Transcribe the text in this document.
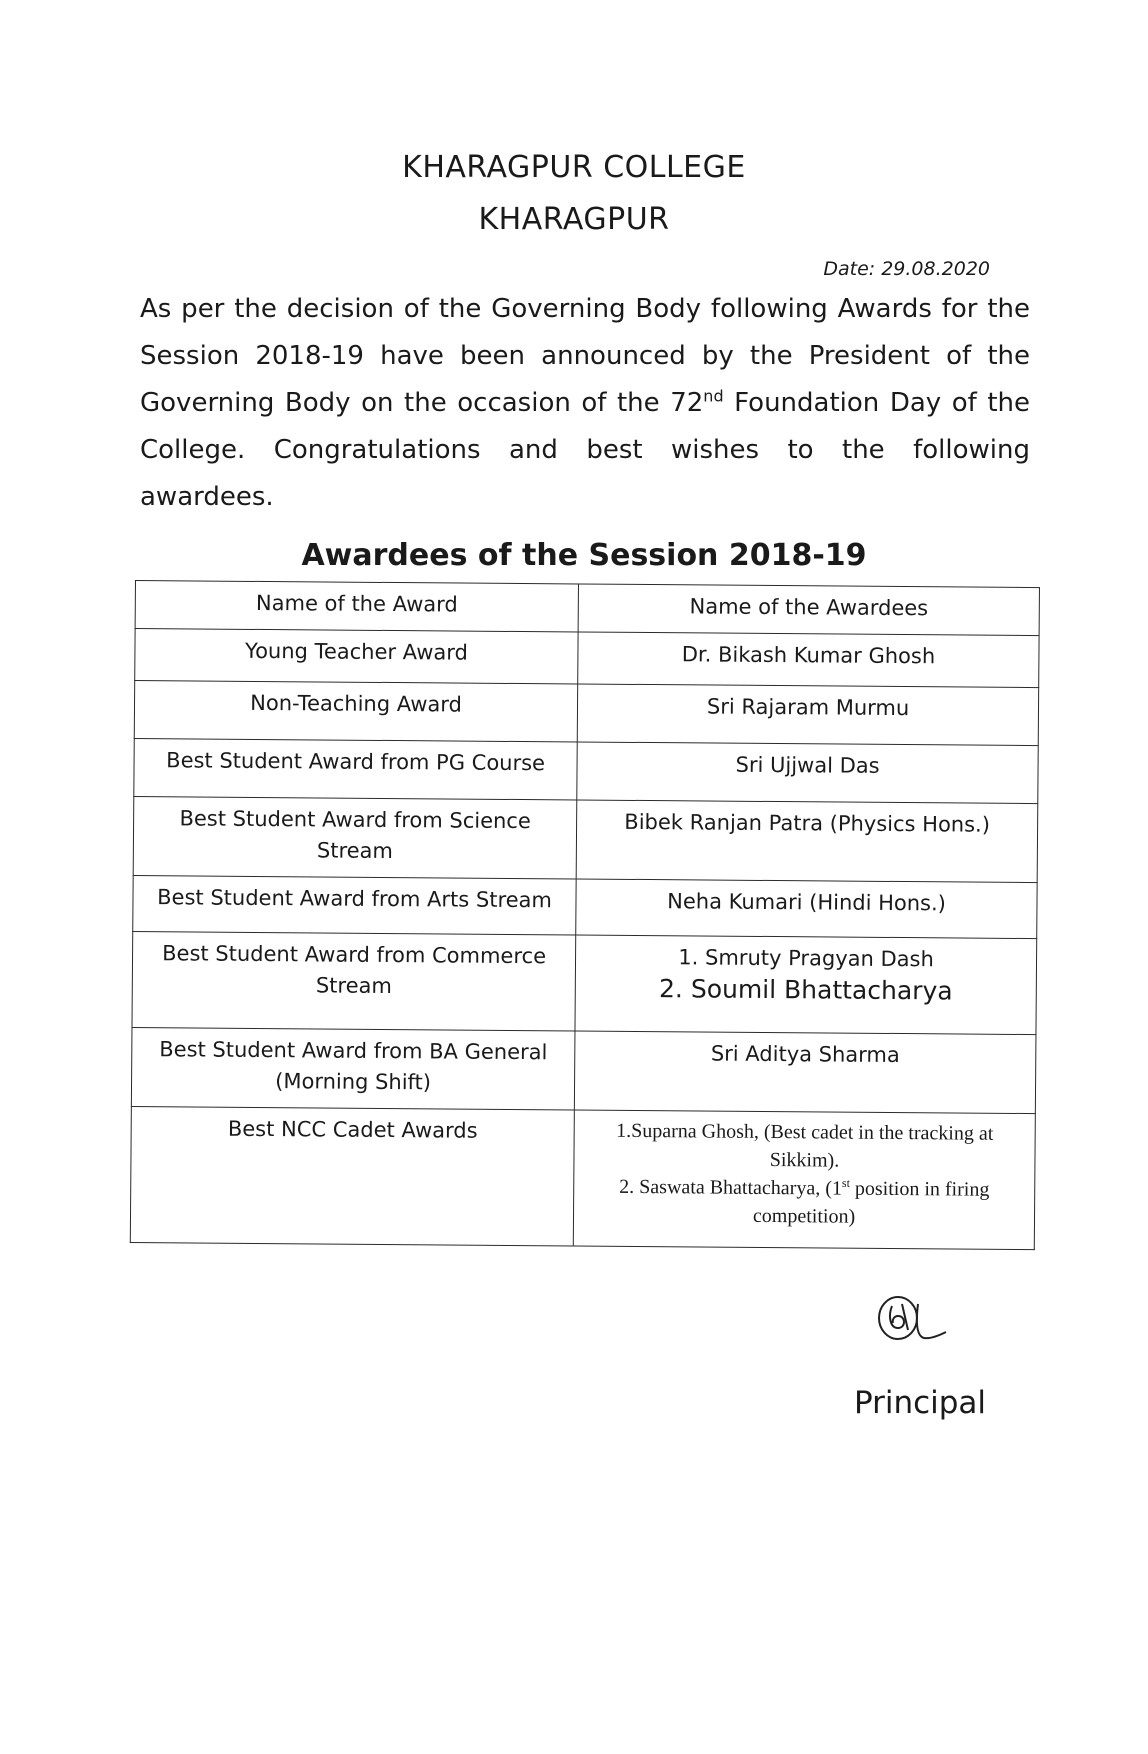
KHARAGPUR COLLEGE
KHARAGPUR
Date: 29.08.2020
As per the decision of the Governing Body following Awards for the Session 2018-19 have been announced by the President of the Governing Body on the occasion of the 72nd Foundation Day of the College. Congratulations and best wishes to the following awardees.
Awardees of the Session 2018-19
Name of the Award	Name of the Awardees
Young Teacher Award	Dr. Bikash Kumar Ghosh
Non-Teaching Award	Sri Rajaram Murmu
Best Student Award from PG Course	Sri Ujjwal Das
Best Student Award from Science Stream	Bibek Ranjan Patra (Physics Hons.)
Best Student Award from Arts Stream	Neha Kumari (Hindi Hons.)
Best Student Award from Commerce Stream	1. Smruty Pragyan Dash
2. Soumil Bhattacharya

Best Student Award from BA General (Morning Shift)	Sri Aditya Sharma
Best NCC Cadet Awards	1.Suparna Ghosh, (Best cadet in the tracking at Sikkim).
2. Saswata Bhattacharya, (1st position in firing competition)
Principal
